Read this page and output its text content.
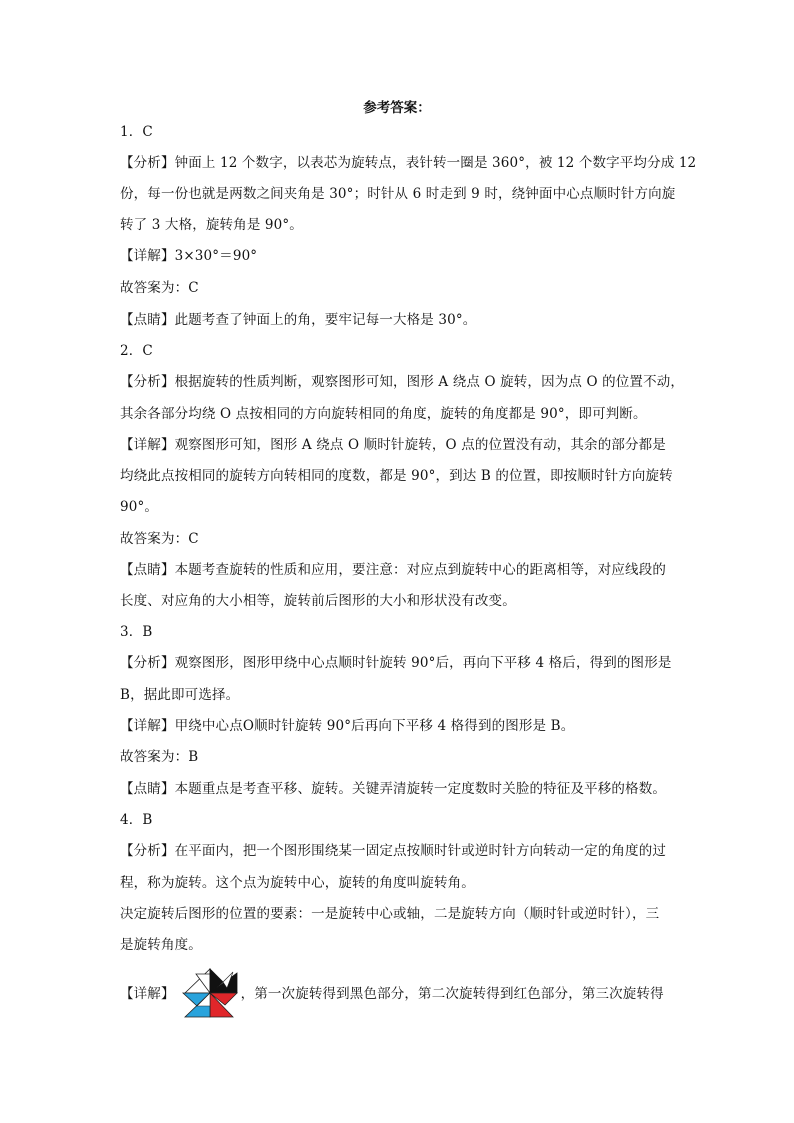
参考答案：
1．C
【分析】钟面上 12 个数字，以表芯为旋转点，表针转一圈是 360°，被 12 个数字平均分成 12
份，每一份也就是两数之间夹角是 30°；时针从 6 时走到 9 时，绕钟面中心点顺时针方向旋
转了 3 大格，旋转角是 90°。
【详解】3×30°＝90°
故答案为：C
【点睛】此题考查了钟面上的角，要牢记每一大格是 30°。
2．C
【分析】根据旋转的性质判断，观察图形可知，图形 A 绕点 O 旋转，因为点 O 的位置不动，
其余各部分均绕 O 点按相同的方向旋转相同的角度，旋转的角度都是 90°，即可判断。
【详解】观察图形可知，图形 A 绕点 O 顺时针旋转，O 点的位置没有动，其余的部分都是
均绕此点按相同的旋转方向转相同的度数，都是 90°，到达 B 的位置，即按顺时针方向旋转
90°。
故答案为：C
【点睛】本题考查旋转的性质和应用，要注意：对应点到旋转中心的距离相等，对应线段的
长度、对应角的大小相等，旋转前后图形的大小和形状没有改变。
3．B
【分析】观察图形，图形甲绕中心点顺时针旋转 90°后，再向下平移 4 格后，得到的图形是
B，据此即可选择。
【详解】甲绕中心点O顺时针旋转 90°后再向下平移 4 格得到的图形是 B。
故答案为：B
【点睛】本题重点是考查平移、旋转。关键弄清旋转一定度数时关脸的特征及平移的格数。
4．B
【分析】在平面内，把一个图形围绕某一固定点按顺时针或逆时针方向转动一定的角度的过
程，称为旋转。这个点为旋转中心，旋转的角度叫旋转角。
决定旋转后图形的位置的要素：一是旋转中心或轴，二是旋转方向（顺时针或逆时针），三
是旋转角度。
【详解】	，第一次旋转得到黑色部分，第二次旋转得到红色部分，第三次旋转得
